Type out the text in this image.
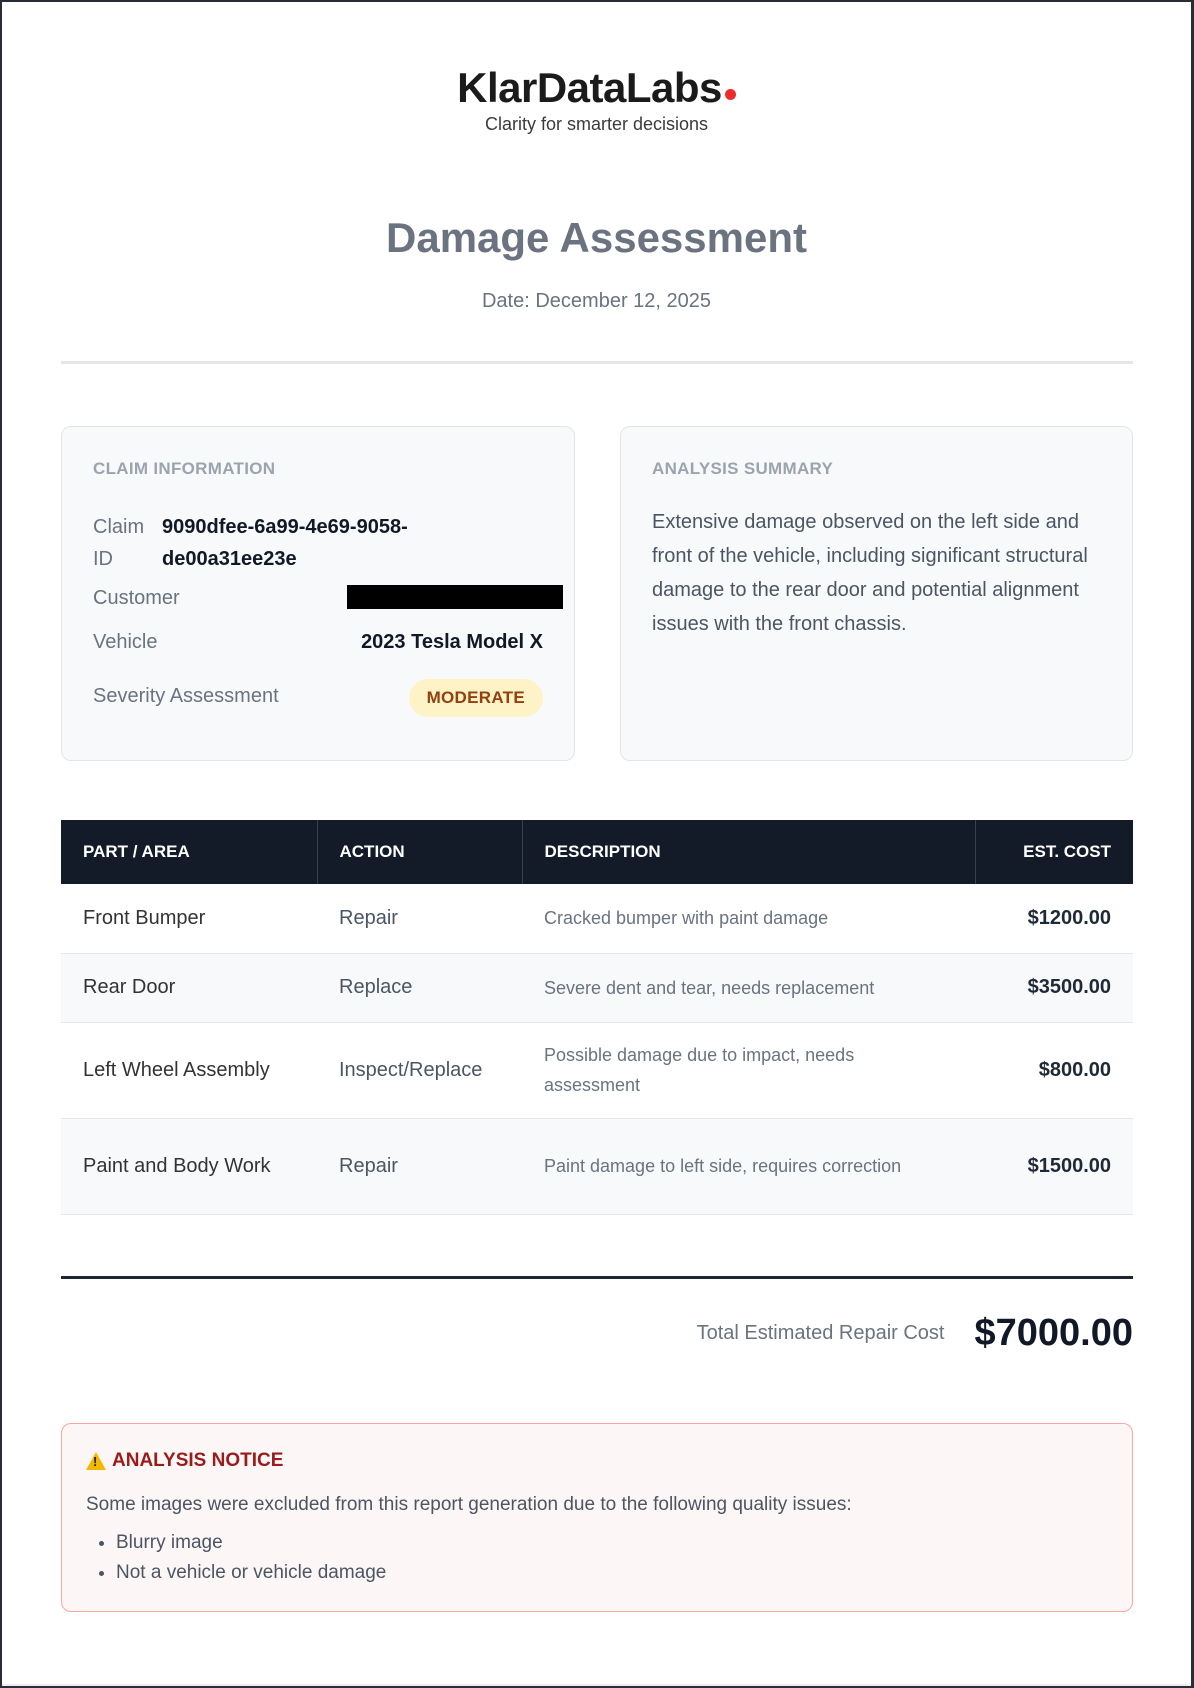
KlarDataLabs
Clarity for smarter decisions
Damage Assessment
Date: December 12, 2025
CLAIM INFORMATION
Claim ID
9090dfee-6a99-4e69-9058-de00a31ee23e
Customer
Vehicle	2023 Tesla Model X
Severity Assessment	MODERATE
ANALYSIS SUMMARY
Extensive damage observed on the left side and front of the vehicle, including significant structural damage to the rear door and potential alignment issues with the front chassis.
PART / AREA	ACTION	DESCRIPTION	EST. COST
Front Bumper	Repair	Cracked bumper with paint damage	$1200.00
Rear Door	Replace	Severe dent and tear, needs replacement	$3500.00
Left Wheel Assembly	Inspect/Replace	Possible damage due to impact, needs assessment	$800.00
Paint and Body Work	Repair	Paint damage to left side, requires correction	$1500.00
Total Estimated Repair Cost $7000.00
!
ANALYSIS NOTICE
Some images were excluded from this report generation due to the following quality issues:
• Blurry image
• Not a vehicle or vehicle damage
